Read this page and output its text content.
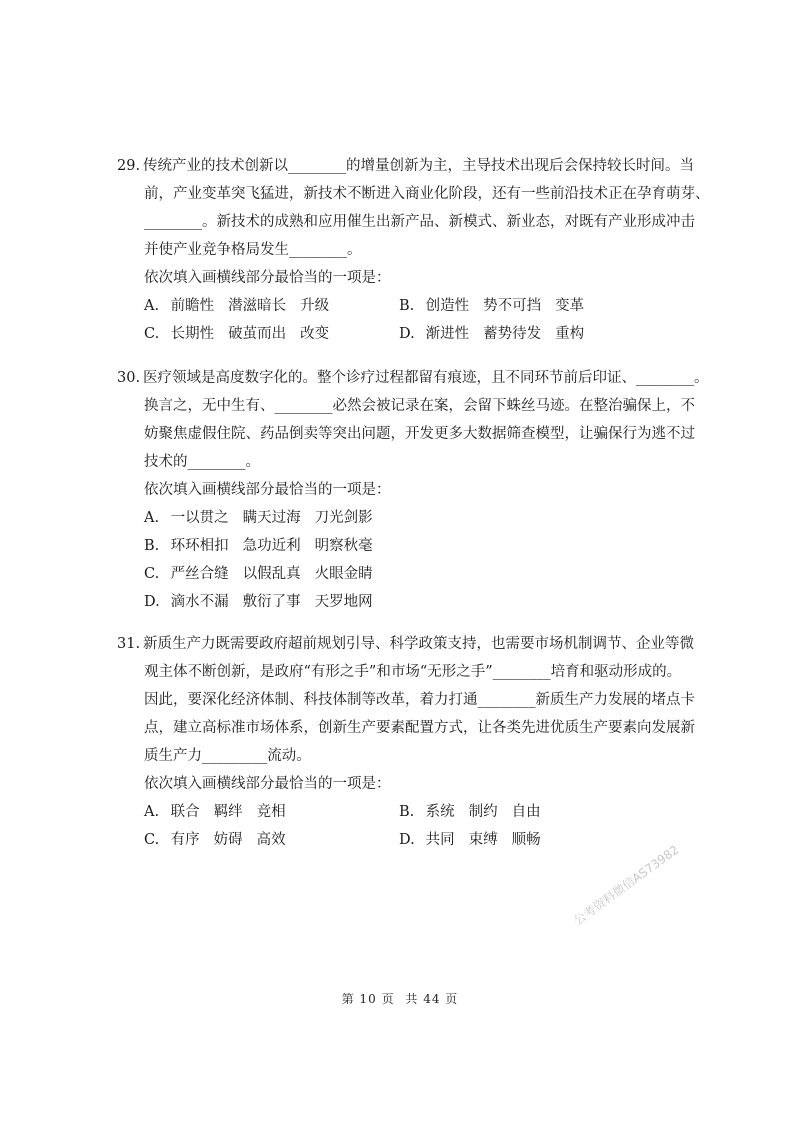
29. 传统产业的技术创新以________的增量创新为主，主导技术出现后会保持较长时间。当
前，产业变革突飞猛进，新技术不断进入商业化阶段，还有一些前沿技术正在孕育萌芽、
________。新技术的成熟和应用催生出新产品、新模式、新业态，对既有产业形成冲击
并使产业竞争格局发生________。

依次填入画横线部分最恰当的一项是：

A. 前瞻性 潜滋暗长 升级	B. 创造性 势不可挡 变革
C. 长期性 破茧而出 改变	D. 渐进性 蓄势待发 重构
30. 医疗领域是高度数字化的。整个诊疗过程都留有痕迹，且不同环节前后印证、________。
换言之，无中生有、________必然会被记录在案，会留下蛛丝马迹。在整治骗保上，不
妨聚焦虚假住院、药品倒卖等突出问题，开发更多大数据筛查模型，让骗保行为逃不过
技术的________。

依次填入画横线部分最恰当的一项是：

A. 一以贯之 瞒天过海 刀光剑影
B. 环环相扣 急功近利 明察秋毫
C. 严丝合缝 以假乱真 火眼金睛
D. 滴水不漏 敷衍了事 天罗地网
31. 新质生产力既需要政府超前规划引导、科学政策支持，也需要市场机制调节、企业等微
观主体不断创新，是政府“有形之手”和市场“无形之手”________培育和驱动形成的。
因此，要深化经济体制、科技体制等改革，着力打通________新质生产力发展的堵点卡
点，建立高标准市场体系，创新生产要素配置方式，让各类先进优质生产要素向发展新
质生产力_________流动。

依次填入画横线部分最恰当的一项是：

A. 联合 羁绊 竞相	B. 系统 制约 自由
C. 有序 妨碍 高效	D. 共同 束缚 顺畅
公考资料微信AS73982
第 10 页 共 44 页
